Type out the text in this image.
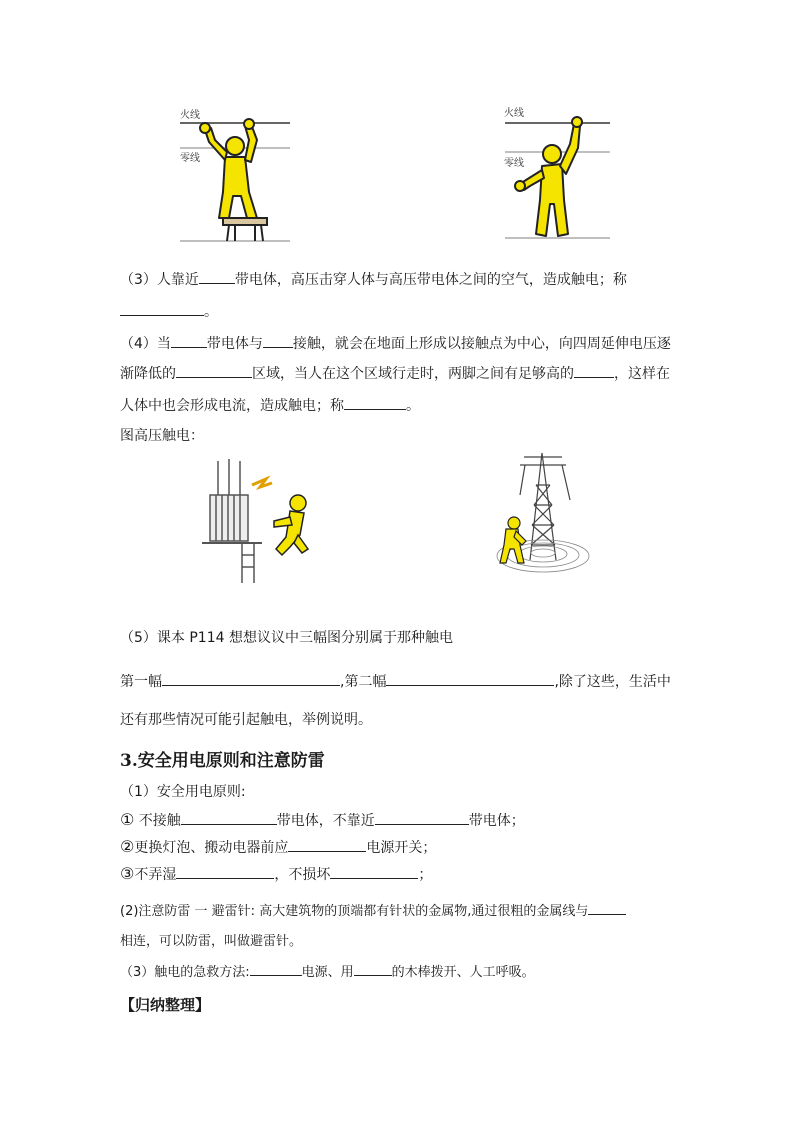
火线
零线
火线
零线
（3）人靠近	带电体，高压击穿人体与高压带电体之间的空气，造成触电；称
。
（4）当	带电体与 接触，就会在地面上形成以接触点为中心，向四周延伸电压逐
渐降低的	区域，当人在这个区域行走时，两脚之间有足够高的	，这样在
人体中也会形成电流，造成触电；称	。
图高压触电：
（5）课本 P114 想想议议中三幅图分别属于那种触电
第一幅	,第二幅	,除了这些，生活中
还有那些情况可能引起触电，举例说明。
3.安全用电原则和注意防雷
（1）安全用电原则:
① 不接触	带电体，不靠近	带电体；
②更换灯泡、搬动电器前应	电源开关；
③不弄湿	，不损坏	；
(2)注意防雷 一 避雷针: 高大建筑物的顶端都有针状的金属物,通过很粗的金属线与
相连，可以防雷，叫做避雷针。
（3）触电的急救方法:	电源、用	的木棒拨开、人工呼吸。
【归纳整理】
